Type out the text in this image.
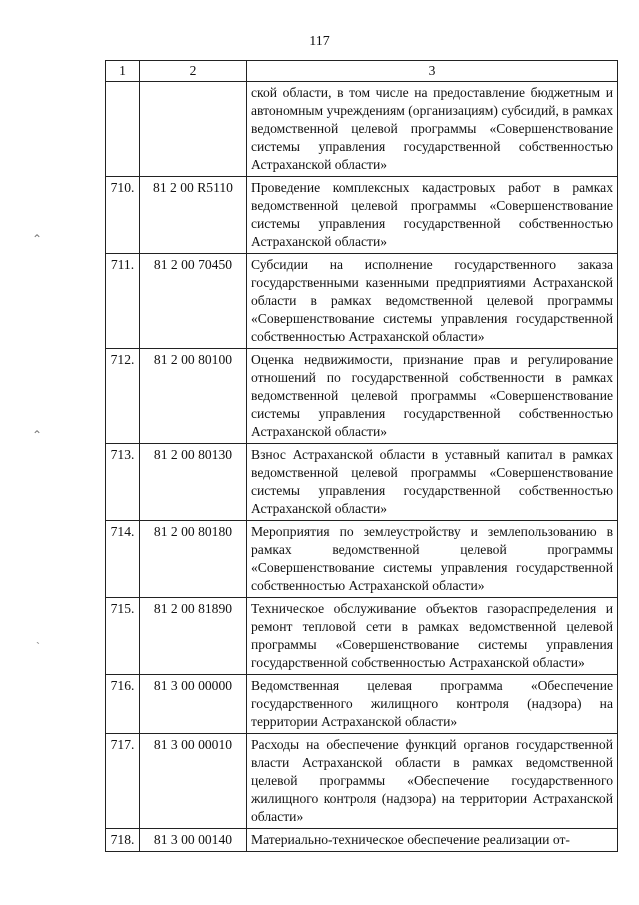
117
⌃
⌃
˴
1	2	3
		ской области, в том числе на предоставление бюджетным и автономным учреждениям (организациям) субсидий, в рамках ведомственной целевой программы «Совершенствование системы управления государственной собственностью Астраханской области»
710.	81 2 00 R5110	Проведение комплексных кадастровых работ в рамках ведомственной целевой программы «Совершенствование системы управления государственной собственностью Астраханской области»
711.	81 2 00 70450	Субсидии на исполнение государственного заказа государственными казенными предприятиями Астраханской области в рамках ведомственной целевой программы «Совершенствование системы управления государственной собственностью Астраханской области»
712.	81 2 00 80100	Оценка недвижимости, признание прав и регулирование отношений по государственной собственности в рамках ведомственной целевой программы «Совершенствование системы управления государственной собственностью Астраханской области»
713.	81 2 00 80130	Взнос Астраханской области в уставный капитал в рамках ведомственной целевой программы «Совершенствование системы управления государственной собственностью Астраханской области»
714.	81 2 00 80180	Мероприятия по землеустройству и землепользованию в рамках ведомственной целевой программы «Совершенствование системы управления государственной собственностью Астраханской области»
715.	81 2 00 81890	Техническое обслуживание объектов газораспределения и ремонт тепловой сети в рамках ведомственной целевой программы «Совершенствование системы управления государственной собственностью Астраханской области»
716.	81 3 00 00000	Ведомственная целевая программа «Обеспечение государственного жилищного контроля (надзора) на территории Астраханской области»
717.	81 3 00 00010	Расходы на обеспечение функций органов государственной власти Астраханской области в рамках ведомственной целевой программы «Обеспечение государственного жилищного контроля (надзора) на территории Астраханской области»
718.	81 3 00 00140	Материально-техническое обеспечение реализации от-
